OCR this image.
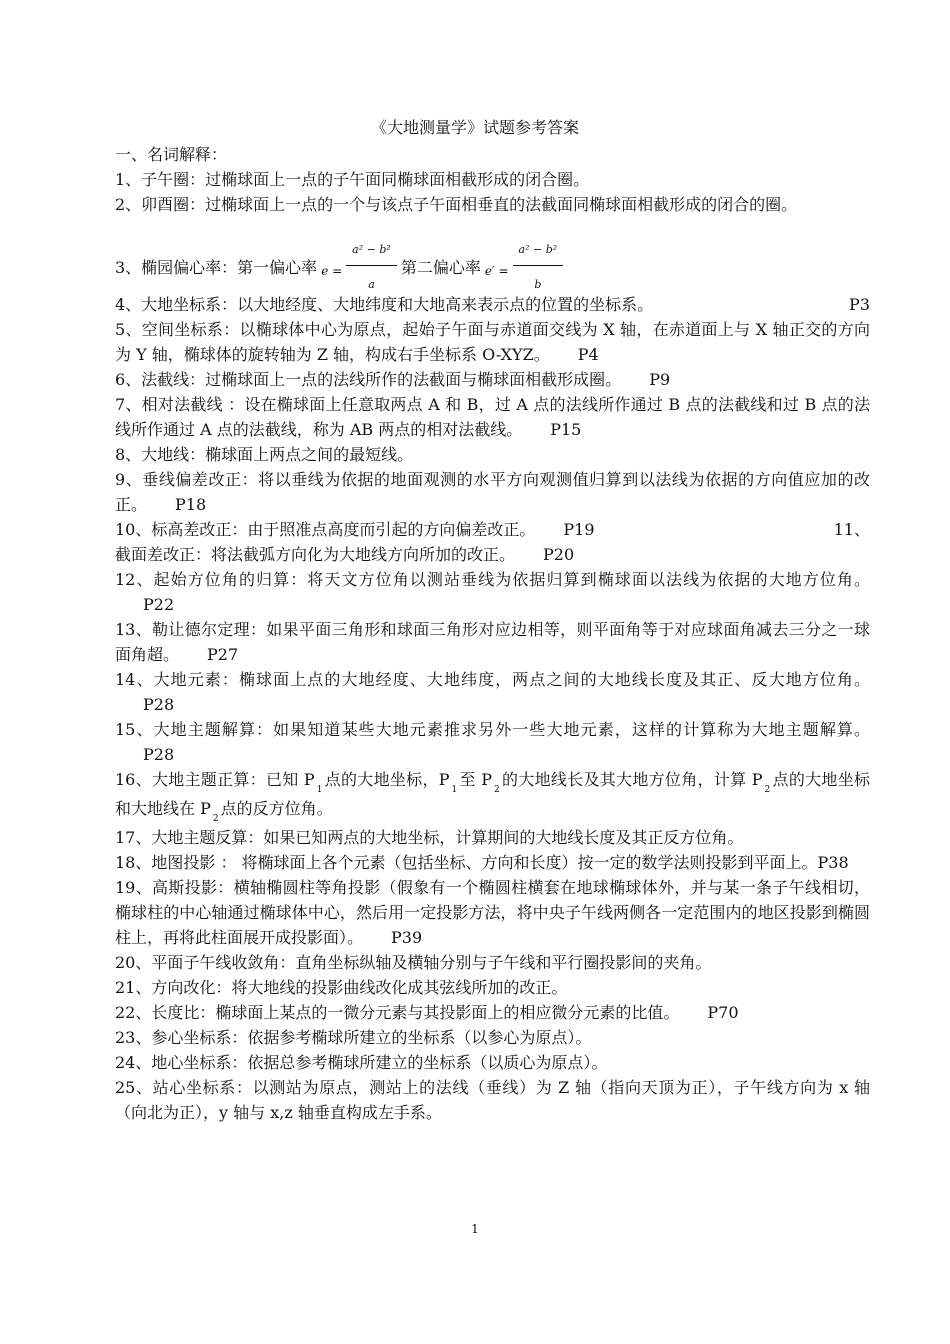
《大地测量学》试题参考答案

一、名词解释：

1、子午圈：过椭球面上一点的子午面同椭球面相截形成的闭合圈。

2、卯酉圈：过椭球面上一点的一个与该点子午面相垂直的法截面同椭球面相截形成的闭合的圈。

3、椭园偏心率：第一偏心率 $e = \frac{\text{a² − b²}}{a}$ 第二偏心率 $e' = \frac{\text{a² − b²}}{b}$

4、大地坐标系：以大地经度、大地纬度和大地高来表示点的位置的坐标系。	P3

5、空间坐标系：以椭球体中心为原点，起始子午面与赤道面交线为 X 轴，在赤道面上与 X 轴正交的方向为 Y 轴，椭球体的旋转轴为 Z 轴，构成右手坐标系 O-XYZ。 P4

6、法截线：过椭球面上一点的法线所作的法截面与椭球面相截形成圈。 P9

7、相对法截线 ：设在椭球面上任意取两点 A 和 B，过 A 点的法线所作通过 B 点的法截线和过 B 点的法线所作通过 A 点的法截线，称为 AB 两点的相对法截线。 P15

8、大地线：椭球面上两点之间的最短线。

9、垂线偏差改正：将以垂线为依据的地面观测的水平方向观测值归算到以法线为依据的方向值应加的改正。 P18

10、标高差改正：由于照准点高度而引起的方向偏差改正。 P19	11、

截面差改正：将法截弧方向化为大地线方向所加的改正。 P20

12、起始方位角的归算：将天文方位角以测站垂线为依据归算到椭球面以法线为依据的大地方位角。P22

13、勒让德尔定理：如果平面三角形和球面三角形对应边相等，则平面角等于对应球面角减去三分之一球面角超。 P27

14、大地元素：椭球面上点的大地经度、大地纬度，两点之间的大地线长度及其正、反大地方位角。P28

15、大地主题解算：如果知道某些大地元素推求另外一些大地元素，这样的计算称为大地主题解算。P28

16、大地主题正算：已知 $P_1$点的大地坐标，$P_1$至 $P_2$的大地线长及其大地方位角，计算 $P_2$点的大地坐标和大地线在 $P_2$点的反方位角。

17、大地主题反算：如果已知两点的大地坐标，计算期间的大地线长度及其正反方位角。

18、地图投影 ： 将椭球面上各个元素（包括坐标、方向和长度）按一定的数学法则投影到平面上。P38

19、高斯投影：横轴椭圆柱等角投影（假象有一个椭圆柱横套在地球椭球体外，并与某一条子午线相切，椭球柱的中心轴通过椭球体中心，然后用一定投影方法，将中央子午线两侧各一定范围内的地区投影到椭圆柱上，再将此柱面展开成投影面）。 P39

20、平面子午线收敛角：直角坐标纵轴及横轴分别与子午线和平行圈投影间的夹角。

21、方向改化：将大地线的投影曲线改化成其弦线所加的改正。

22、长度比：椭球面上某点的一微分元素与其投影面上的相应微分元素的比值。 P70

23、参心坐标系：依据参考椭球所建立的坐标系（以参心为原点）。

24、地心坐标系：依据总参考椭球所建立的坐标系（以质心为原点）。

25、站心坐标系：以测站为原点，测站上的法线（垂线）为 Z 轴（指向天顶为正），子午线方向为 x 轴（向北为正），y 轴与 x,z 轴垂直构成左手系。

1
